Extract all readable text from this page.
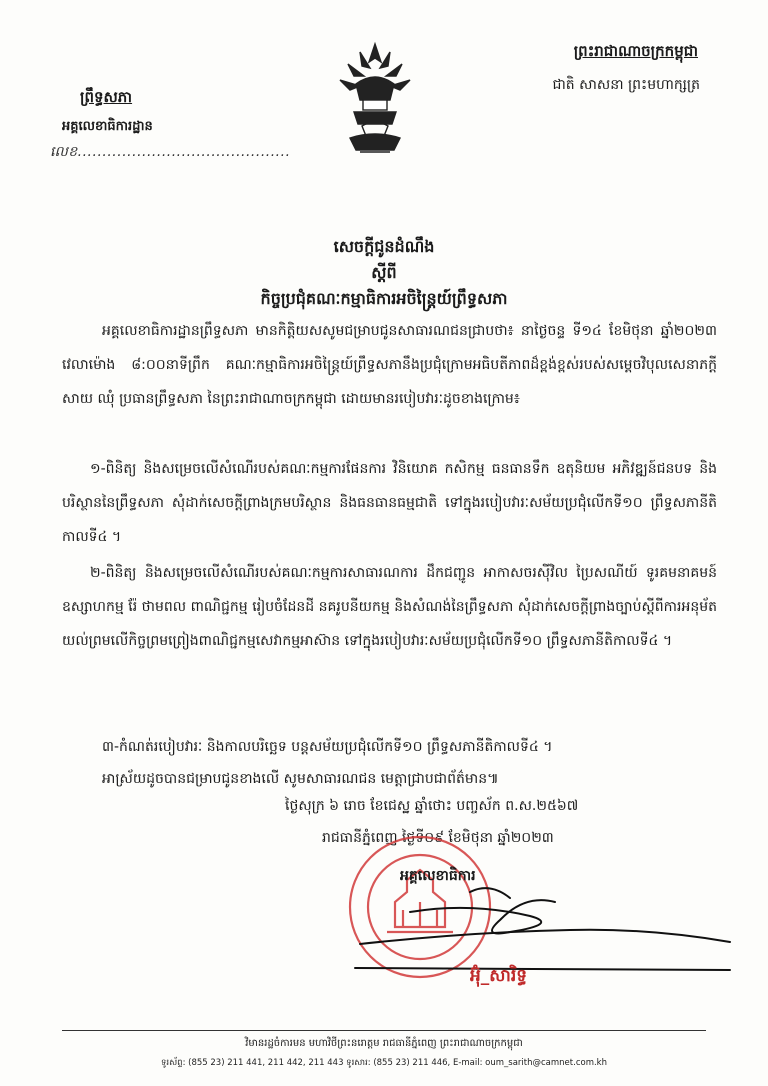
ព្រះរាជាណាចក្រកម្ពុជា
ជាតិ សាសនា ព្រះមហាក្សត្រ
ព្រឹទ្ធសភា
អគ្គលេខាធិការដ្ឋាន
លេខ...........................................
សេចក្តីជូនដំណឹង
ស្តីពី
កិច្ចប្រជុំគណៈកម្មាធិការអចិន្ត្រៃយ៍ព្រឹទ្ធសភា
អគ្គលេខាធិការដ្ឋានព្រឹទ្ធសភា មានកិត្តិយសសូមជម្រាបជូនសាធារណជនជ្រាបថា៖ នាថ្ងៃចន្ទ ទី១៤ ខែមិថុនា ឆ្នាំ២០២៣ វេលាម៉ោង ៨:០០នាទីព្រឹក គណៈកម្មាធិការអចិន្ត្រៃយ៍ព្រឹទ្ធសភានឹងប្រជុំក្រោមអធិបតីភាពដ៏ខ្ពង់ខ្ពស់របស់សម្តេចវិបុលសេនាភក្តី សាយ ឈុំ ប្រធានព្រឹទ្ធសភា នៃព្រះរាជាណាចក្រកម្ពុជា ដោយមានរបៀបវារៈដូចខាងក្រោម៖
១-ពិនិត្យ និងសម្រេចលើសំណើរបស់គណៈកម្មការផែនការ វិនិយោគ កសិកម្ម ធនធានទឹក ឧតុនិយម អភិវឌ្ឍន៍ជនបទ និងបរិស្ថាននៃព្រឹទ្ធសភា សុំដាក់សេចក្តីព្រាងក្រមបរិស្ថាន និងធនធានធម្មជាតិ ទៅក្នុងរបៀបវារៈសម័យប្រជុំលើកទី១០ ព្រឹទ្ធសភានីតិកាលទី៤ ។
២-ពិនិត្យ និងសម្រេចលើសំណើរបស់គណៈកម្មការសាធារណការ ដឹកជញ្ជូន អាកាសចរស៊ីវិល ប្រៃសណីយ៍ ទូរគមនាគមន៍ ឧស្សាហកម្ម រ៉ែ ថាមពល ពាណិជ្ជកម្ម រៀបចំដែនដី នគរូបនីយកម្ម និងសំណង់នៃព្រឹទ្ធសភា សុំដាក់សេចក្តីព្រាងច្បាប់ស្តីពីការអនុម័តយល់ព្រមលើកិច្ចព្រមព្រៀងពាណិជ្ជកម្មសេវាកម្មអាស៊ាន ទៅក្នុងរបៀបវារៈសម័យប្រជុំលើកទី១០ ព្រឹទ្ធសភានីតិកាលទី៤ ។
៣-កំណត់របៀបវារៈ និងកាលបរិច្ឆេទ បន្តសម័យប្រជុំលើកទី១០ ព្រឹទ្ធសភានីតិកាលទី៤ ។
អាស្រ័យដូចបានជម្រាបជូនខាងលើ សូមសាធារណជន មេត្តាជ្រាបជាព័ត៌មាន៕
ថ្ងៃសុក្រ ៦ រោច ខែជេស្ឋ ឆ្នាំថោះ បញ្ចស័ក ព.ស.២៥៦៧
រាជធានីភ្នំពេញ ថ្ងៃទី០៩ ខែមិថុនា ឆ្នាំ២០២៣
អគ្គលេខាធិការ
អ៊ុំ_សារិទ្ធ
វិមានរដ្ឋចំការមន មហាវិថីព្រះនរោត្តម រាជធានីភ្នំពេញ ព្រះរាជាណាចក្រកម្ពុជា
ទូរស័ព្ទ: (855 23) 211 441, 211 442, 211 443 ទូរសារ: (855 23) 211 446, E-mail: oum_sarith@camnet.com.kh
